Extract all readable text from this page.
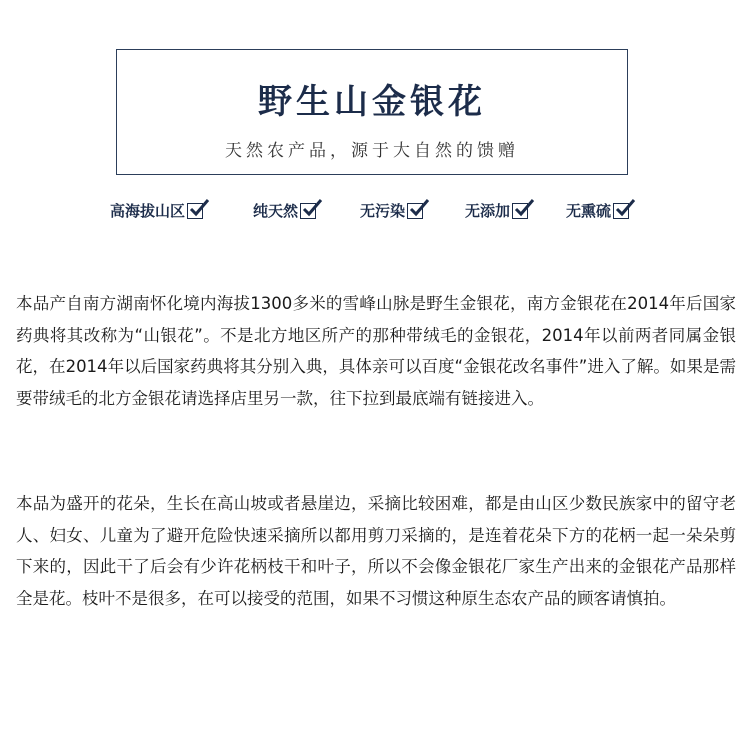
野生山金银花
天然农产品，源于大自然的馈赠
高海拔山区	纯天然	无污染	无添加	无熏硫

本品产自南方湖南怀化境内海拔1300多米的雪峰山脉是野生金银花，南方金银花在2014年后国家药典将其改称为“山银花”。不是北方地区所产的那种带绒毛的金银花，2014年以前两者同属金银花，在2014年以后国家药典将其分别入典，具体亲可以百度“金银花改名事件”进入了解。如果是需要带绒毛的北方金银花请选择店里另一款，往下拉到最底端有链接进入。

本品为盛开的花朵，生长在高山坡或者悬崖边，采摘比较困难，都是由山区少数民族家中的留守老人、妇女、儿童为了避开危险快速采摘所以都用剪刀采摘的，是连着花朵下方的花柄一起一朵朵剪下来的，因此干了后会有少许花柄枝干和叶子，所以不会像金银花厂家生产出来的金银花产品那样全是花。枝叶不是很多，在可以接受的范围，如果不习惯这种原生态农产品的顾客请慎拍。
